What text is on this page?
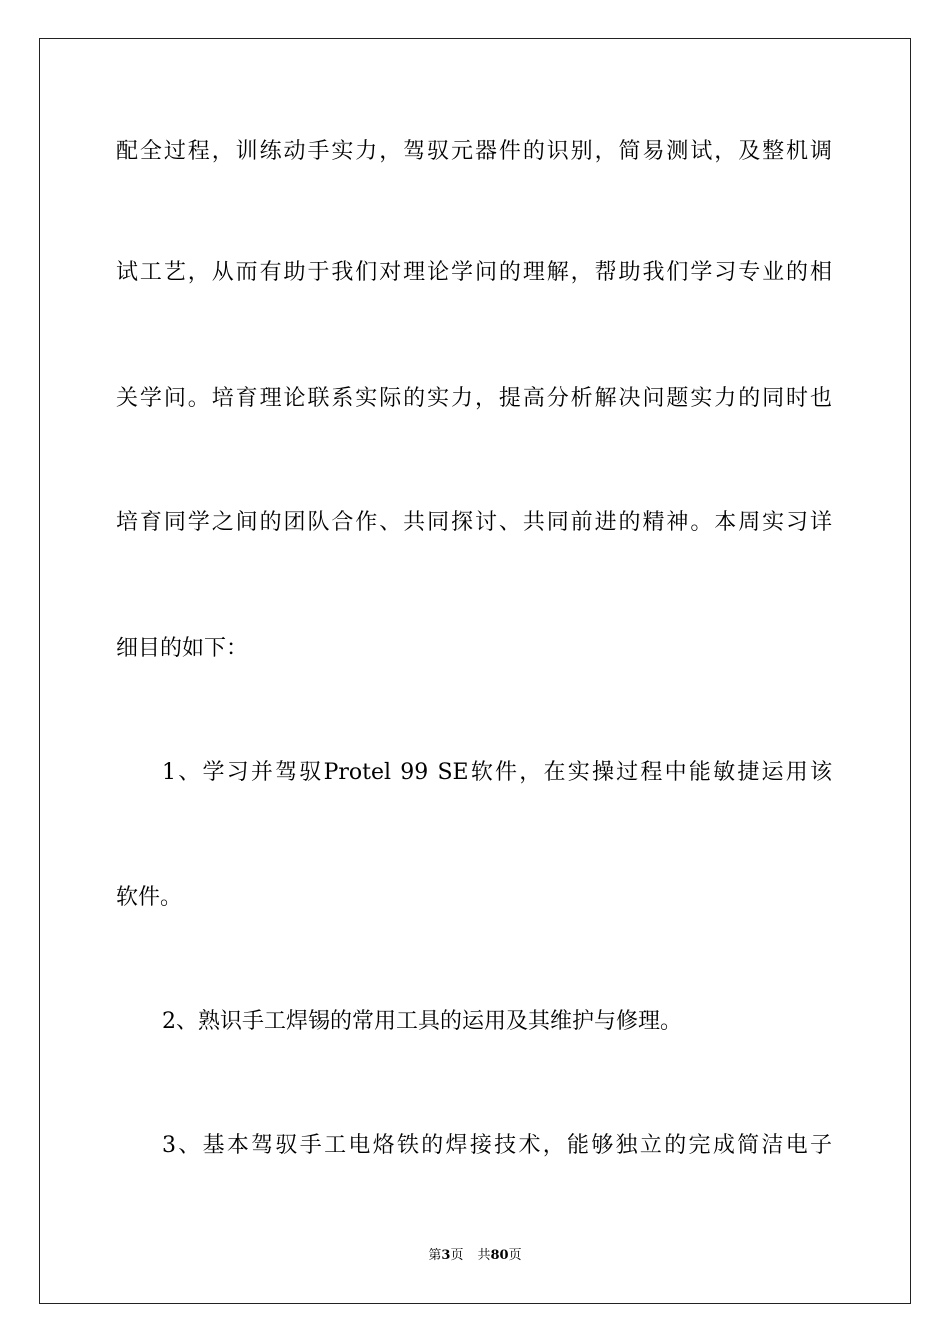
配全过程，训练动手实力，驾驭元器件的识别，简易测试，及整机调
试工艺，从而有助于我们对理论学问的理解，帮助我们学习专业的相
关学问。培育理论联系实际的实力，提高分析解决问题实力的同时也
培育同学之间的团队合作、共同探讨、共同前进的精神。本周实习详
细目的如下：
1、学习并驾驭Protel 99 SE软件，在实操过程中能敏捷运用该
软件。
2、熟识手工焊锡的常用工具的运用及其维护与修理。
3、基本驾驭手工电烙铁的焊接技术，能够独立的完成简洁电子
第3页 共80页
